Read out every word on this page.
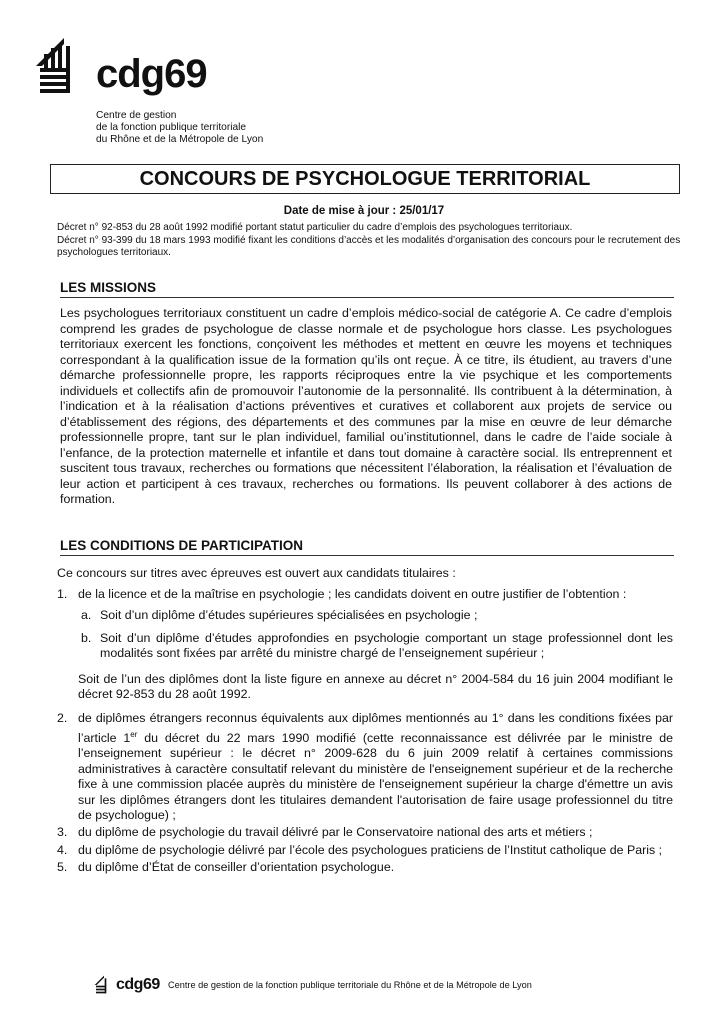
cdg69
Centre de gestion
de la fonction publique territoriale
du Rhône et de la Métropole de Lyon
CONCOURS DE PSYCHOLOGUE TERRITORIAL
Date de mise à jour : 25/01/17
Décret n° 92-853 du 28 août 1992 modifié portant statut particulier du cadre d’emplois des psychologues territoriaux.
Décret n° 93-399 du 18 mars 1993 modifié fixant les conditions d’accès et les modalités d’organisation des concours pour le recrutement des psychologues territoriaux.
LES MISSIONS
Les psychologues territoriaux constituent un cadre d’emplois médico-social de catégorie A. Ce cadre d’emplois comprend les grades de psychologue de classe normale et de psychologue hors classe. Les psychologues territoriaux exercent les fonctions, conçoivent les méthodes et mettent en œuvre les moyens et techniques correspondant à la qualification issue de la formation qu’ils ont reçue. À ce titre, ils étudient, au travers d’une démarche professionnelle propre, les rapports réciproques entre la vie psychique et les comportements individuels et collectifs afin de promouvoir l’autonomie de la personnalité. Ils contribuent à la détermination, à l’indication et à la réalisation d’actions préventives et curatives et collaborent aux projets de service ou d’établissement des régions, des départements et des communes par la mise en œuvre de leur démarche professionnelle propre, tant sur le plan individuel, familial ou’institutionnel, dans le cadre de l’aide sociale à l’enfance, de la protection maternelle et infantile et dans tout domaine à caractère social. Ils entreprennent et suscitent tous travaux, recherches ou formations que nécessitent l’élaboration, la réalisation et l’évaluation de leur action et participent à ces travaux, recherches ou formations. Ils peuvent collaborer à des actions de formation.
LES CONDITIONS DE PARTICIPATION
Ce concours sur titres avec épreuves est ouvert aux candidats titulaires :
1. de la licence et de la maîtrise en psychologie ; les candidats doivent en outre justifier de l’obtention :
a. Soit d’un diplôme d’études supérieures spécialisées en psychologie ;
b. Soit d’un diplôme d’études approfondies en psychologie comportant un stage professionnel dont les modalités sont fixées par arrêté du ministre chargé de l’enseignement supérieur ;
Soit de l’un des diplômes dont la liste figure en annexe au décret n° 2004-584 du 16 juin 2004 modifiant le décret 92-853 du 28 août 1992.
2. de diplômes étrangers reconnus équivalents aux diplômes mentionnés au 1° dans les conditions fixées par l’article 1er du décret du 22 mars 1990 modifié (cette reconnaissance est délivrée par le ministre de l’enseignement supérieur : le décret n° 2009-628 du 6 juin 2009 relatif à certaines commissions administratives à caractère consultatif relevant du ministère de l'enseignement supérieur et de la recherche fixe à une commission placée auprès du ministère de l'enseignement supérieur la charge d'émettre un avis sur les diplômes étrangers dont les titulaires demandent l'autorisation de faire usage professionnel du titre de psychologue) ;
3. du diplôme de psychologie du travail délivré par le Conservatoire national des arts et métiers ;
4. du diplôme de psychologie délivré par l’école des psychologues praticiens de l’Institut catholique de Paris ;
5. du diplôme d’État de conseiller d’orientation psychologue.
cdg69 Centre de gestion de la fonction publique territoriale du Rhône et de la Métropole de Lyon
